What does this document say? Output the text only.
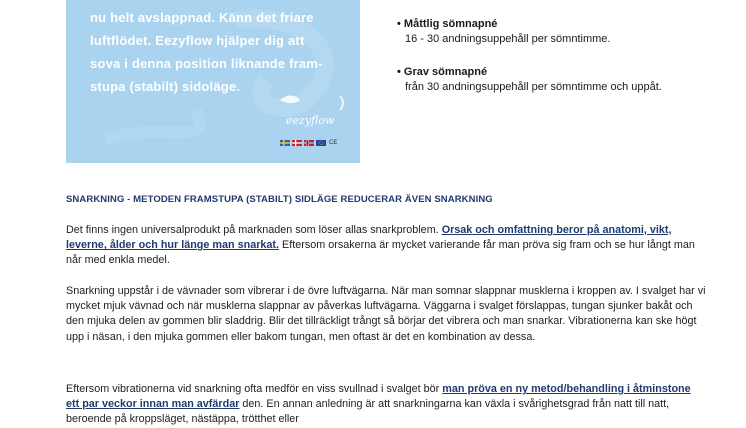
nu helt avslappnad. Känn det friare
luftflödet. Eezyflow hjälper dig att
sova i denna position liknande fram-
stupa (stabilt) sidoläge.
eezyflow
CE
• Måttlig sömnapné
16 - 30 andningsuppehåll per sömntimme.
• Grav sömnapné
från 30 andningsuppehåll per sömntimme och uppåt.
SNARKNING - METODEN FRAMSTUPA (STABILT) SIDLÄGE REDUCERAR ÄVEN SNARKNING
Det finns ingen universalprodukt på marknaden som löser allas snarkproblem. Orsak och omfattning beror på anatomi, vikt, leverne, ålder och hur länge man snarkat. Eftersom orsakerna är mycket varierande får man pröva sig fram och se hur långt man når med enkla medel.
Snarkning uppstår i de vävnader som vibrerar i de övre luftvägarna. När man somnar slappnar musklerna i kroppen av. I svalget har vi mycket mjuk vävnad och när musklerna slappnar av påverkas luftvägarna. Väggarna i svalget förslappas, tungan sjunker bakåt och den mjuka delen av gommen blir sladdrig. Blir det tillräckligt trångt så börjar det vibrera och man snarkar. Vibrationerna kan ske högt upp i näsan, i den mjuka gommen eller bakom tungan, men oftast är det en kombination av dessa.
Eftersom vibrationerna vid snarkning ofta medför en viss svullnad i svalget bör man pröva en ny metod/behandling i åtminstone ett par veckor innan man avfärdar den. En annan anledning är att snarkningarna kan växla i svårighetsgrad från natt till natt, beroende på kroppsläget, nästäppa, trötthet eller
